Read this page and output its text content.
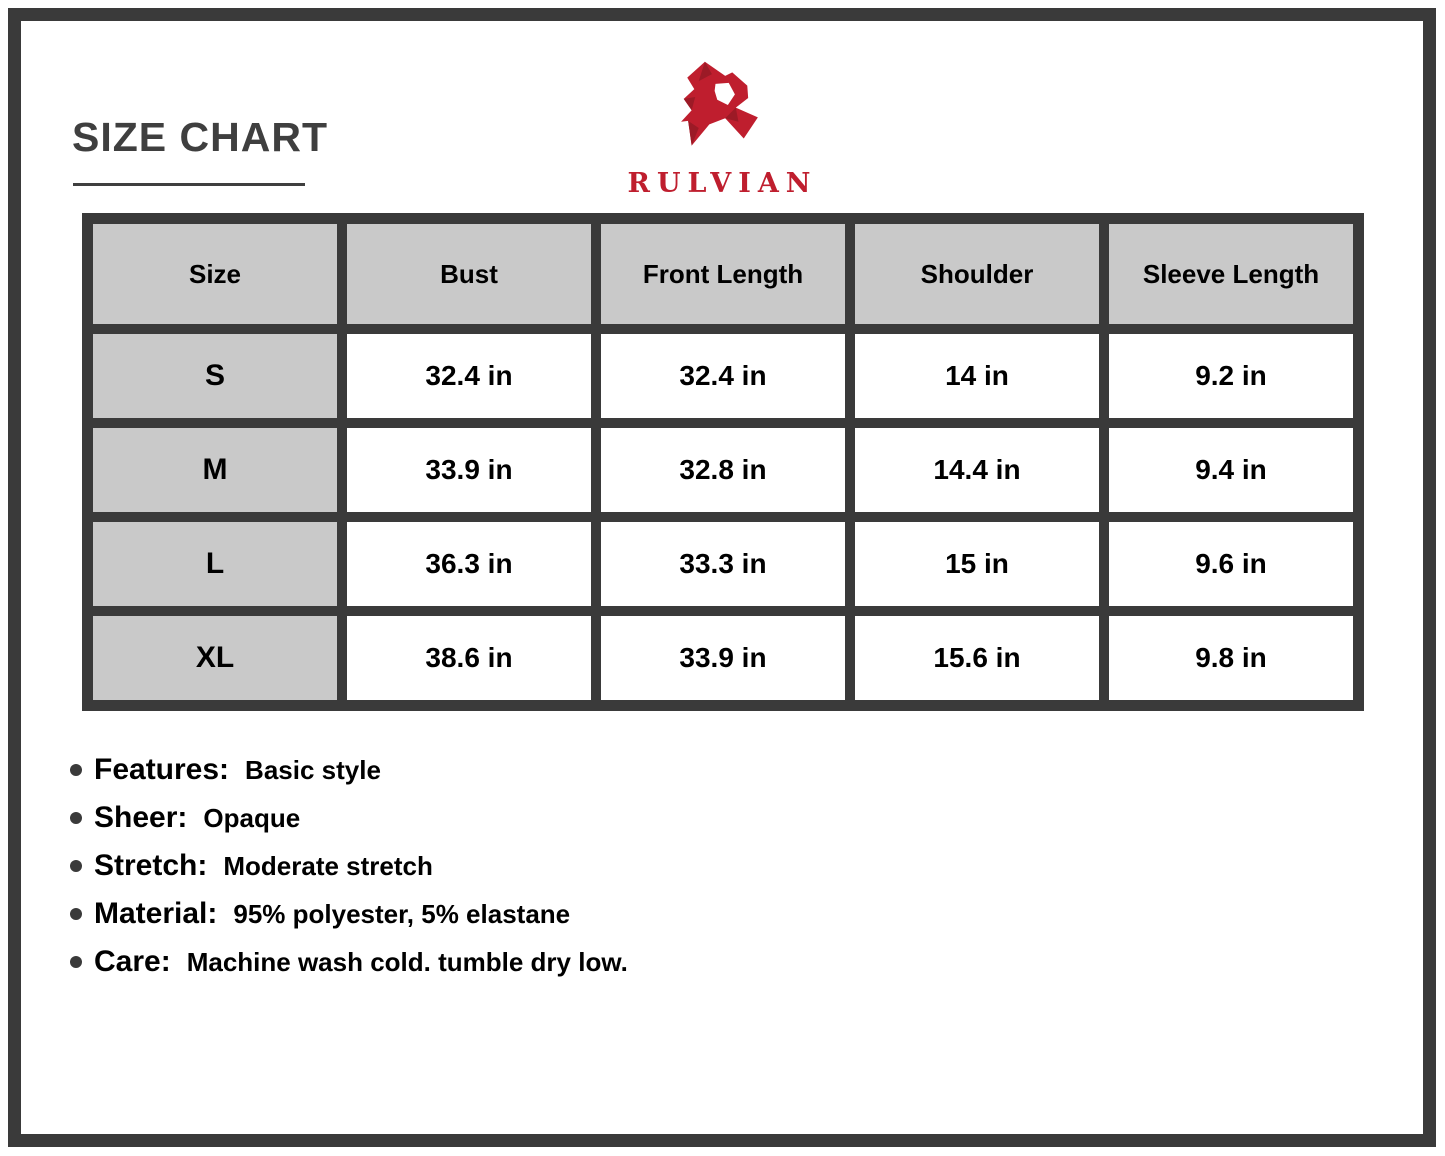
SIZE CHART
RULVIAN
Size	Bust	Front Length	Shoulder	Sleeve Length
S	32.4 in	32.4 in	14 in	9.2 in
M	33.9 in	32.8 in	14.4 in	9.4 in
L	36.3 in	33.3 in	15 in	9.6 in
XL	38.6 in	33.9 in	15.6 in	9.8 in
Features: Basic style
Sheer: Opaque
Stretch: Moderate stretch
Material: 95% polyester, 5% elastane
Care: Machine wash cold. tumble dry low.
